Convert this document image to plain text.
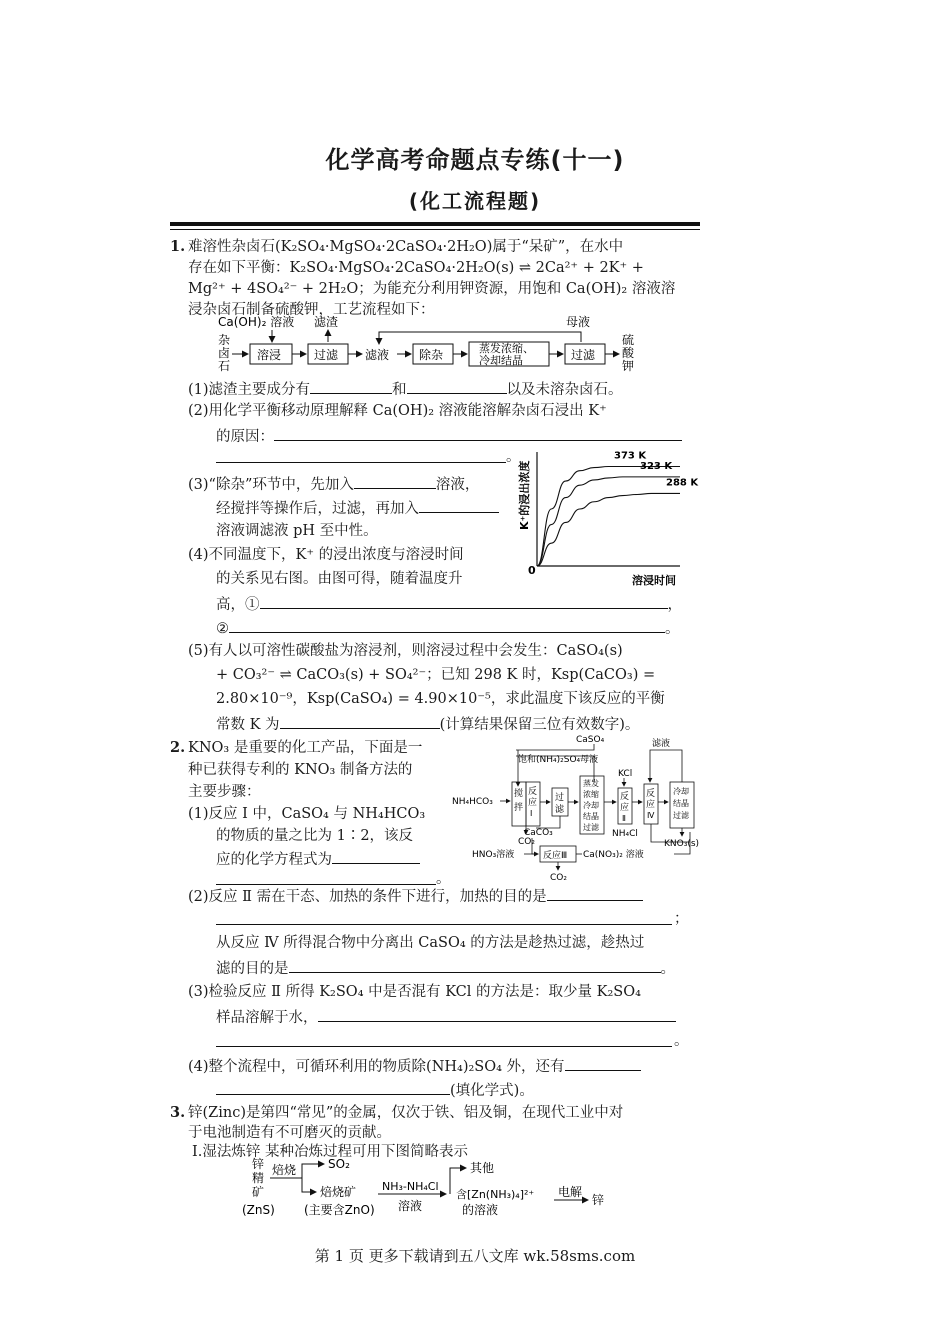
化学高考命题点专练(十一)
(化工流程题)
1. 难溶性杂卤石(K₂SO₄·MgSO₄·2CaSO₄·2H₂O)属于“呆矿”，在水中
存在如下平衡：K₂SO₄·MgSO₄·2CaSO₄·2H₂O(s) ⇌ 2Ca²⁺ + 2K⁺ +
Mg²⁺ + 4SO₄²⁻ + 2H₂O；为能充分利用钾资源，用饱和 Ca(OH)₂ 溶液溶
浸杂卤石制备硫酸钾，工艺流程如下：
Ca(OH)₂ 溶液 滤渣	母液
杂
卤
石
溶浸	过滤 滤液 除杂	蒸发浓缩、
冷却结晶	过滤
硫
酸
钾
(1)滤渣主要成分有	和	以及未溶杂卤石。
(2)用化学平衡移动原理解释 Ca(OH)₂ 溶液能溶解杂卤石浸出 K⁺
的原因：
。
(3)“除杂”环节中，先加入	溶液，
经搅拌等操作后，过滤，再加入
溶液调滤液 pH 至中性。
0
溶浸时间
K⁺的浸出浓度
373 K
323 K
288 K
(4)不同温度下，K⁺ 的浸出浓度与溶浸时间
的关系见右图。由图可得，随着温度升
高，①	，
②	。
(5)有人以可溶性碳酸盐为溶浸剂，则溶浸过程中会发生：CaSO₄(s)
+ CO₃²⁻ ⇌ CaCO₃(s) + SO₄²⁻；已知 298 K 时，Ksp(CaCO₃) =
2.80×10⁻⁹，Ksp(CaSO₄) = 4.90×10⁻⁵，求此温度下该反应的平衡
常数 K 为	(计算结果保留三位有效数字)。
2. KNO₃ 是重要的化工产品，下面是一
种已获得专利的 KNO₃ 制备方法的
主要步骤：
(1)反应 Ⅰ 中，CaSO₄ 与 NH₄HCO₃
的物质的量之比为 1∶2，该反
应的化学方程式为
。
CaSO₄
饱和(NH₄)₂SO₄母液
滤液
NH₄HCO₃
搅
拌
反
应
Ⅰ
过
滤
蒸发
浓缩
冷却
结晶
过滤
KCl
反
应
Ⅱ
NH₄Cl
反
应
Ⅳ
冷却
结晶
过滤
KNO₃(s)
CO₂
CaCO₃
HNO₃溶液	反应Ⅲ Ca(NO₃)₂ 溶液
CO₂
(2)反应 Ⅱ 需在干态、加热的条件下进行，加热的目的是
；
从反应 Ⅳ 所得混合物中分离出 CaSO₄ 的方法是趁热过滤，趁热过
滤的目的是	。
(3)检验反应 Ⅱ 所得 K₂SO₄ 中是否混有 KCl 的方法是：取少量 K₂SO₄
样品溶解于水，
。
(4)整个流程中，可循环利用的物质除(NH₄)₂SO₄ 外，还有
(填化学式)。
3. 锌(Zinc)是第四“常见”的金属，仅次于铁、铝及铜，在现代工业中对
于电池制造有不可磨灭的贡献。
Ⅰ.湿法炼锌 某种冶炼过程可用下图简略表示
锌
精
矿
(ZnS)
焙烧	SO₂
焙烧矿
(主要含ZnO)
NH₃-NH₄Cl
溶液
其他
含[Zn(NH₃)₄]²⁺
的溶液
电解
锌
第 1 页 更多下载请到五八文库 wk.58sms.com
